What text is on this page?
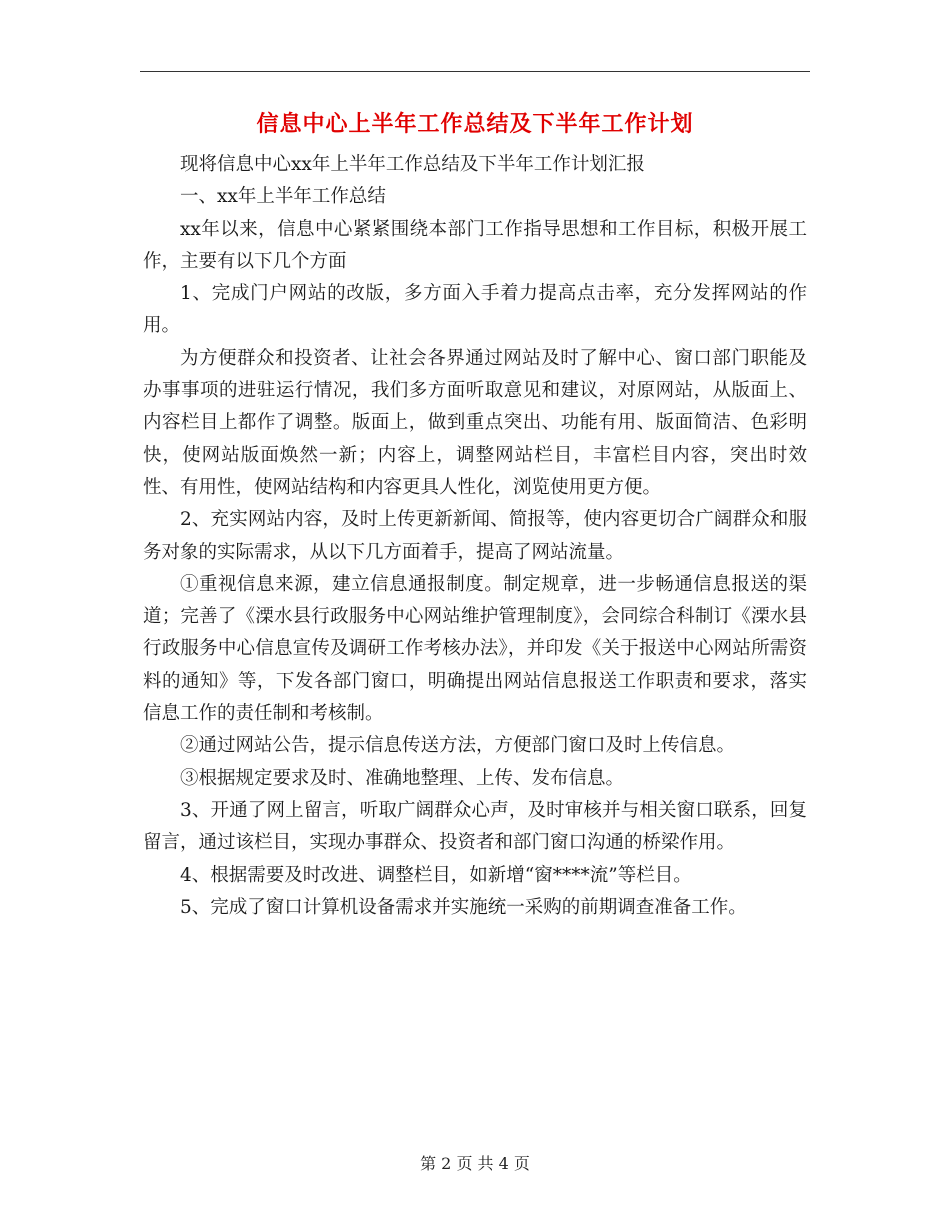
信息中心上半年工作总结及下半年工作计划

现将信息中心xx年上半年工作总结及下半年工作计划汇报

一、xx年上半年工作总结

xx年以来，信息中心紧紧围绕本部门工作指导思想和工作目标，积极开展工作，主要有以下几个方面

1、完成门户网站的改版，多方面入手着力提高点击率，充分发挥网站的作用。

为方便群众和投资者、让社会各界通过网站及时了解中心、窗口部门职能及办事事项的进驻运行情况，我们多方面听取意见和建议，对原网站，从版面上、内容栏目上都作了调整。版面上，做到重点突出、功能有用、版面简洁、色彩明快，使网站版面焕然一新；内容上，调整网站栏目，丰富栏目内容，突出时效性、有用性，使网站结构和内容更具人性化，浏览使用更方便。

2、充实网站内容，及时上传更新新闻、简报等，使内容更切合广阔群众和服务对象的实际需求，从以下几方面着手，提高了网站流量。

①重视信息来源，建立信息通报制度。制定规章，进一步畅通信息报送的渠道；完善了《溧水县行政服务中心网站维护管理制度》，会同综合科制订《溧水县行政服务中心信息宣传及调研工作考核办法》，并印发《关于报送中心网站所需资料的通知》等，下发各部门窗口，明确提出网站信息报送工作职责和要求，落实信息工作的责任制和考核制。

②通过网站公告，提示信息传送方法，方便部门窗口及时上传信息。

③根据规定要求及时、准确地整理、上传、发布信息。

3、开通了网上留言，听取广阔群众心声，及时审核并与相关窗口联系，回复留言，通过该栏目，实现办事群众、投资者和部门窗口沟通的桥梁作用。

4、根据需要及时改进、调整栏目，如新增“窗****流”等栏目。

5、完成了窗口计算机设备需求并实施统一采购的前期调查准备工作。

第 2 页 共 4 页
